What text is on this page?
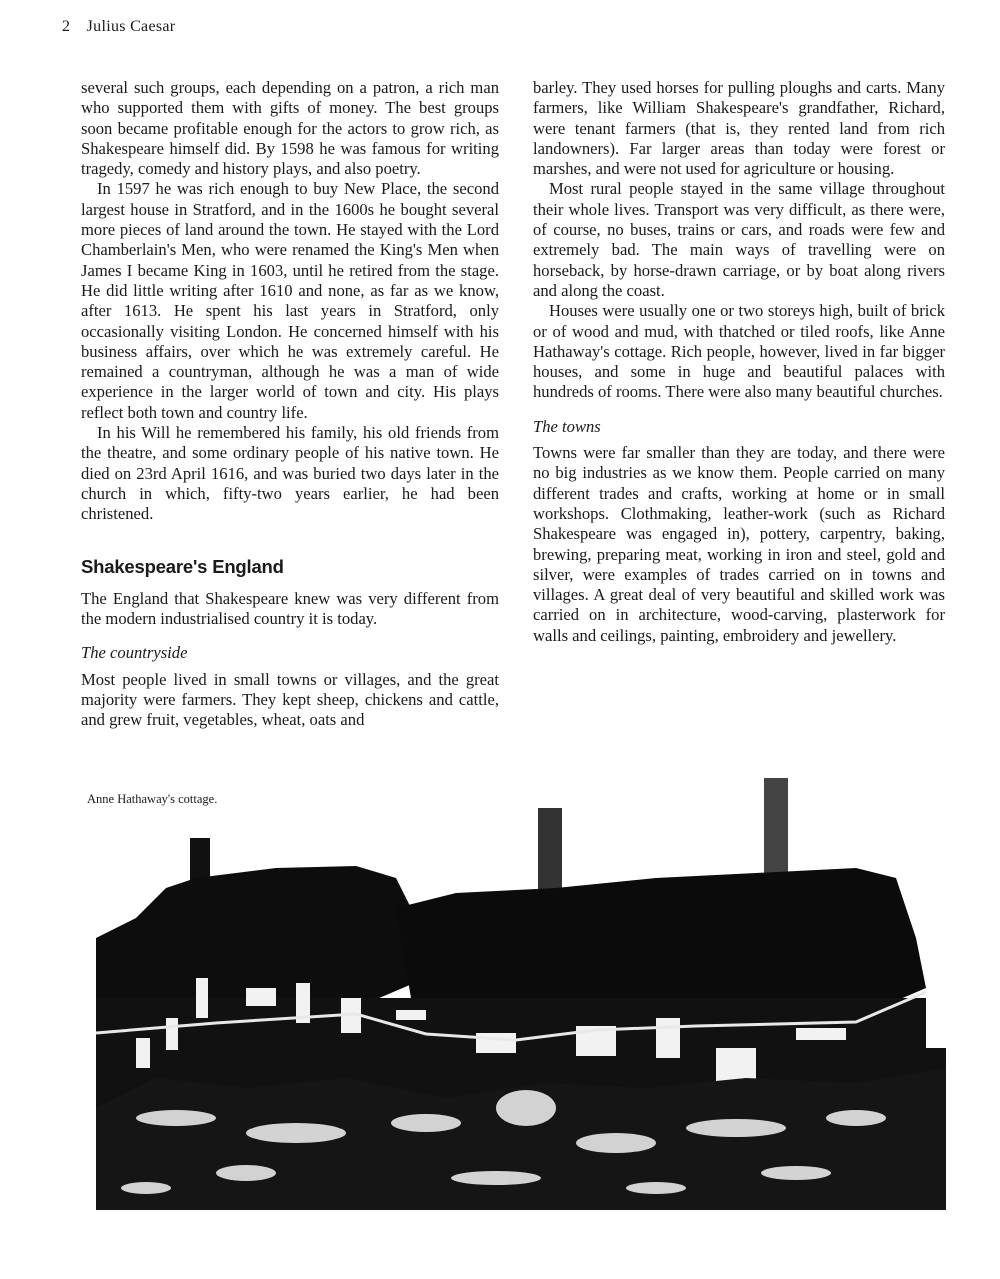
2 Julius Caesar

several such groups, each depending on a patron, a rich man who supported them with gifts of money. The best groups soon became profitable enough for the actors to grow rich, as Shakespeare himself did. By 1598 he was famous for writing tragedy, comedy and history plays, and also poetry.

In 1597 he was rich enough to buy New Place, the second largest house in Stratford, and in the 1600s he bought several more pieces of land around the town. He stayed with the Lord Chamberlain's Men, who were renamed the King's Men when James I became King in 1603, until he retired from the stage. He did little writing after 1610 and none, as far as we know, after 1613. He spent his last years in Stratford, only occasionally visiting London. He concerned himself with his business affairs, over which he was extremely careful. He remained a countryman, although he was a man of wide experience in the larger world of town and city. His plays reflect both town and country life.

In his Will he remembered his family, his old friends from the theatre, and some ordinary people of his native town. He died on 23rd April 1616, and was buried two days later in the church in which, fifty-two years earlier, he had been christened.

Shakespeare's England

The England that Shakespeare knew was very different from the modern industrialised country it is today.

The countryside

Most people lived in small towns or villages, and the great majority were farmers. They kept sheep, chickens and cattle, and grew fruit, vegetables, wheat, oats and

barley. They used horses for pulling ploughs and carts. Many farmers, like William Shakespeare's grandfather, Richard, were tenant farmers (that is, they rented land from rich landowners). Far larger areas than today were forest or marshes, and were not used for agriculture or housing.

Most rural people stayed in the same village throughout their whole lives. Transport was very difficult, as there were, of course, no buses, trains or cars, and roads were few and extremely bad. The main ways of travelling were on horseback, by horse-drawn carriage, or by boat along rivers and along the coast.

Houses were usually one or two storeys high, built of brick or of wood and mud, with thatched or tiled roofs, like Anne Hathaway's cottage. Rich people, however, lived in far bigger houses, and some in huge and beautiful palaces with hundreds of rooms. There were also many beautiful churches.

The towns

Towns were far smaller than they are today, and there were no big industries as we know them. People carried on many different trades and crafts, working at home or in small workshops. Clothmaking, leather-work (such as Richard Shakespeare was engaged in), pottery, carpentry, baking, brewing, preparing meat, working in iron and steel, gold and silver, were examples of trades carried on in towns and villages. A great deal of very beautiful and skilled work was carried on in architecture, wood-carving, plasterwork for walls and ceilings, painting, embroidery and jewellery.

Anne Hathaway's cottage.
